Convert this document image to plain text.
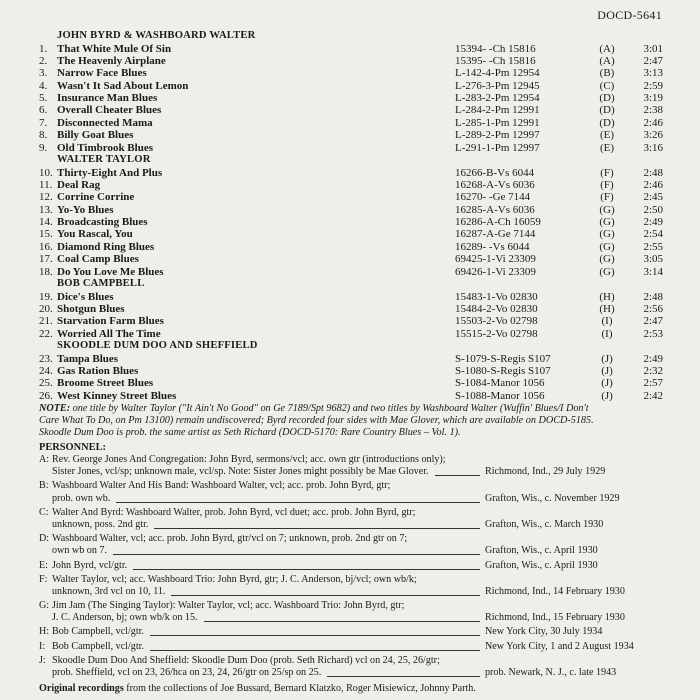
DOCD-5641
JOHN BYRD & WASHBOARD WALTER
1. That White Mule Of Sin	15394- -Ch 15816	(A)	3:01
2. The Heavenly Airplane	15395- -Ch 15816	(A)	2:47
3. Narrow Face Blues	L-142-4-Pm 12954	(B)	3:13
4. Wasn't It Sad About Lemon	L-276-3-Pm 12945	(C)	2:59
5. Insurance Man Blues	L-283-2-Pm 12954	(D)	3:19
6. Overall Cheater Blues	L-284-2-Pm 12991	(D)	2:38
7. Disconnected Mama	L-285-1-Pm 12991	(D)	2:46
8. Billy Goat Blues	L-289-2-Pm 12997	(E)	3:26
9. Old Timbrook Blues	L-291-1-Pm 12997	(E)	3:16
WALTER TAYLOR
10. Thirty-Eight And Plus	16266-B-Vs 6044	(F)	2:48
11. Deal Rag	16268-A-Vs 6036	(F)	2:46
12. Corrine Corrine	16270- -Ge 7144	(F)	2:45
13. Yo-Yo Blues	16285-A-Vs 6036	(G)	2:50
14. Broadcasting Blues	16286-A-Ch 16059	(G)	2:49
15. You Rascal, You	16287-A-Ge 7144	(G)	2:54
16. Diamond Ring Blues	16289- -Vs 6044	(G)	2:55
17. Coal Camp Blues	69425-1-Vi 23309	(G)	3:05
18. Do You Love Me Blues	69426-1-Vi 23309	(G)	3:14
BOB CAMPBELL
19. Dice's Blues	15483-1-Vo 02830	(H)	2:48
20. Shotgun Blues	15484-2-Vo 02830	(H)	2:56
21. Starvation Farm Blues	15503-2-Vo 02798	(I)	2:47
22. Worried All The Time	15515-2-Vo 02798	(I)	2:53
SKOODLE DUM DOO AND SHEFFIELD
23. Tampa Blues	S-1079-S-Regis S107	(J)	2:49
24. Gas Ration Blues	S-1080-S-Regis S107	(J)	2:32
25. Broome Street Blues	S-1084-Manor 1056	(J)	2:57
26. West Kinney Street Blues	S-1088-Manor 1056	(J)	2:42
NOTE: one title by Walter Taylor ("It Ain't No Good" on Ge 7189/Spt 9682) and two titles by Washboard Walter (Wuffin' Blues/I Don't
Care What To Do, on Pm 13100) remain undiscovered; Byrd recorded four sides with Mae Glover, which are available on DOCD-5185.
Skoodle Dum Doo is prob. the same artist as Seth Richard (DOCD-5170: Rare Country Blues – Vol. 1).
PERSONNEL:
A: Rev. George Jones And Congregation: John Byrd, sermons/vcl; acc. own gtr (introductions only);
Sister Jones, vcl/sp; unknown male, vcl/sp. Note: Sister Jones might possibly be Mae Glover.	Richmond, Ind., 29 July 1929
B: Washboard Walter And His Band: Washboard Walter, vcl; acc. prob. John Byrd, gtr;
prob. own wb.	Grafton, Wis., c. November 1929
C: Walter And Byrd: Washboard Walter, prob. John Byrd, vcl duet; acc. prob. John Byrd, gtr;
unknown, poss. 2nd gtr.	Grafton, Wis., c. March 1930
D: Washboard Walter, vcl; acc. prob. John Byrd, gtr/vcl on 7; unknown, prob. 2nd gtr on 7;
own wb on 7.	Grafton, Wis., c. April 1930
E: John Byrd, vcl/gtr.	Grafton, Wis., c. April 1930
F: Walter Taylor, vcl; acc. Washboard Trio: John Byrd, gtr; J. C. Anderson, bj/vcl; own wb/k;
unknown, 3rd vcl on 10, 11.	Richmond, Ind., 14 February 1930
G: Jim Jam (The Singing Taylor): Walter Taylor, vcl; acc. Washboard Trio: John Byrd, gtr;
J. C. Anderson, bj; own wb/k on 15.	Richmond, Ind., 15 February 1930
H: Bob Campbell, vcl/gtr.	New York City, 30 July 1934
I: Bob Campbell, vcl/gtr.	New York City, 1 and 2 August 1934
J: Skoodle Dum Doo And Sheffield: Skoodle Dum Doo (prob. Seth Richard) vcl on 24, 25, 26/gtr;
prob. Sheffield, vcl on 23, 26/hca on 23, 24, 26/gtr on 25/sp on 25.	prob. Newark, N. J., c. late 1943
Original recordings from the collections of Joe Bussard, Bernard Klatzko, Roger Misiewicz, Johnny Parth.
